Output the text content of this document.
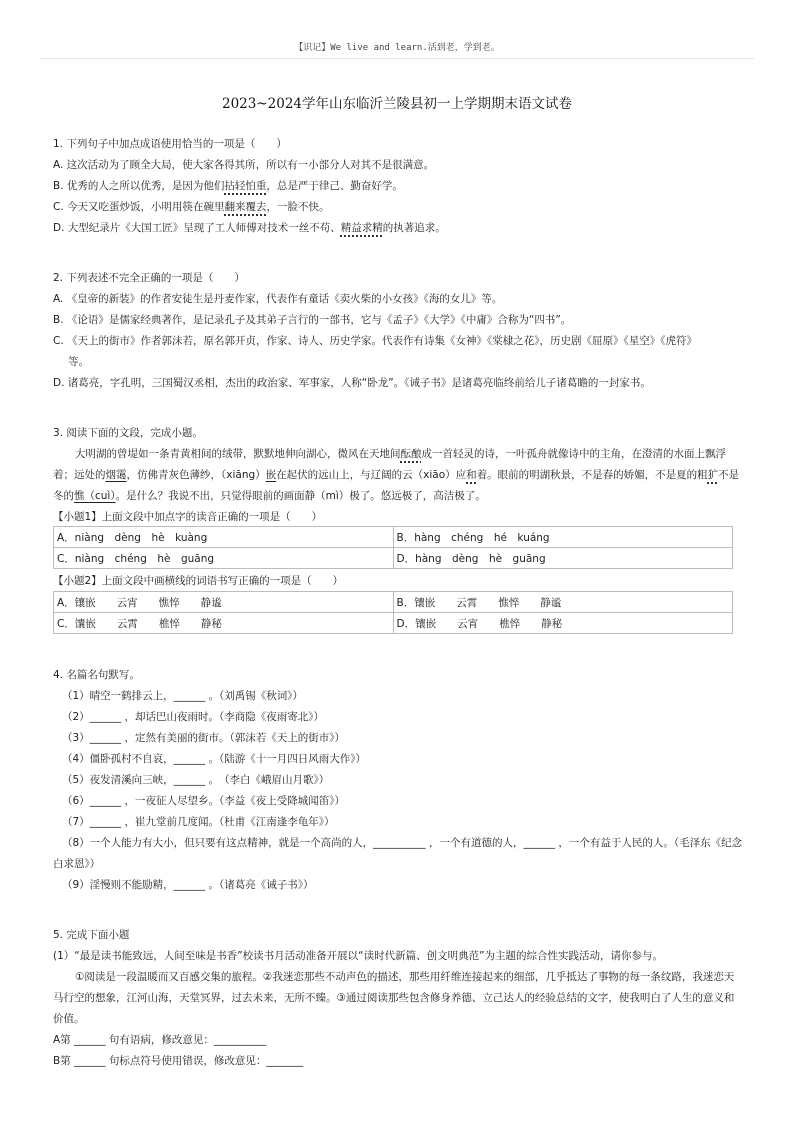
【识记】We live and learn.活到老，学到老。
2023~2024学年山东临沂兰陵县初一上学期期末语文试卷
1. 下列句子中加点成语使用恰当的一项是（　　）
A. 这次活动为了顾全大局，使大家各得其所，所以有一小部分人对其不是很满意。
B. 优秀的人之所以优秀，是因为他们拈轻怕重，总是严于律己、勤奋好学。
C. 今天又吃蛋炒饭，小明用筷在碗里翻来覆去，一脸不快。
D. 大型纪录片《大国工匠》呈现了工人师傅对技术一丝不苟、精益求精的执著追求。
2. 下列表述不完全正确的一项是（　　）
A. 《皇帝的新装》的作者安徒生是丹麦作家，代表作有童话《卖火柴的小女孩》《海的女儿》等。
B. 《论语》是儒家经典著作，是记录孔子及其弟子言行的一部书，它与《孟子》《大学》《中庸》合称为“四书”。
C. 《天上的街市》作者郭沫若，原名郭开贞，作家、诗人、历史学家。代表作有诗集《女神》《棠棣之花》，历史剧《屈原》《星空》《虎符》
等。
D. 诸葛亮，字孔明，三国蜀汉丞相，杰出的政治家、军事家，人称“卧龙”。《诫子书》是诸葛亮临终前给儿子诸葛瞻的一封家书。
3. 阅读下面的文段，完成小题。
大明湖的曾堤如一条青黄相间的绒带，默默地伸向湖心，微风在天地间酝酿成一首轻灵的诗，一叶孤舟就像诗中的主角，在澄清的水面上飘浮
着；远处的烟霭，仿佛青灰色薄纱，（xiāng）嵌在起伏的远山上，与辽阔的云（xiāo）应和着。眼前的明湖秋景，不是春的娇媚，不是夏的粗犷不是
冬的憔（cuì）。是什么？我说不出，只觉得眼前的画面静（mì）极了。悠远极了，高洁极了。
【小题1】上面文段中加点字的读音正确的一项是（　　）
A．niàng　dèng　hè　kuàng	B．hàng　chéng　hé　kuáng
C．niàng　chéng　hè　guāng	D．hàng　dèng　hè　guāng
【小题2】上面文段中画横线的词语书写正确的一项是（　　）
A．镶嵌　　云宵　　憔悴　　静谧	B．镶嵌　　云霄　　憔悴　　静谧
C．馕嵌　　云霄　　樵悴　　静秘	D．镶嵌　　云宵　　樵悴　　静秘
4. 名篇名句默写。
（1）晴空一鹤排云上，______ 。（刘禹锡《秋词》）
（2）______ ，却话巴山夜雨时。（李商隐《夜雨寄北》）
（3）______ ，定然有美丽的街市。（郭沫若《天上的街市》）
（4）僵卧孤村不自哀，______ 。（陆游《十一月四日风雨大作》）
（5）夜发清溪向三峡，______ 。　（李白《峨眉山月歌》）
（6）______ ，一夜征人尽望乡。（李益《夜上受降城闻笛》）
（7）______ ，崔九堂前几度闻。（杜甫《江南逢李龟年》）
（8）一个人能力有大小，但只要有这点精神，就是一个高尚的人，__________ ，一个有道德的人，______ ，一个有益于人民的人。（毛泽东《纪念
白求恩》）
（9）淫慢则不能励精，______ 。（诸葛亮《诫子书》）
5. 完成下面小题
(1）“最是读书能致远，人间至味是书香”校读书月活动准备开展以“读时代新篇、创文明典范”为主题的综合性实践活动，请你参与。
①阅读是一段温暖而又百感交集的旅程。②我迷恋那些不动声色的描述，那些用纤维连接起来的细部，几乎抵达了事物的每一条纹路，我迷恋天
马行空的想象，江河山海，天堂冥界，过去未来，无所不臻。③通过阅读那些包含修身养德、立己达人的经验总结的文字，使我明白了人生的意义和
价值。
A第 ______ 句有语病，修改意见：__________
B第 ______ 句标点符号使用错误，修改意见：_______
